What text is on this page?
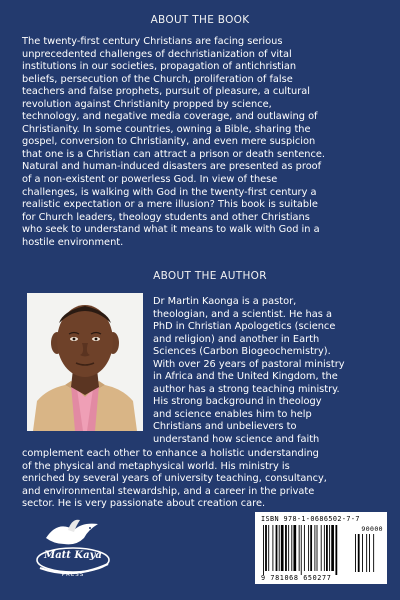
ABOUT THE BOOK

The twenty-first century Christians are facing serious
unprecedented challenges of dechristianization of vital
institutions in our societies, propagation of antichristian
beliefs, persecution of the Church, proliferation of false
teachers and false prophets, pursuit of pleasure, a cultural
revolution against Christianity propped by science,
technology, and negative media coverage, and outlawing of
Christianity. In some countries, owning a Bible, sharing the
gospel, conversion to Christianity, and even mere suspicion
that one is a Christian can attract a prison or death sentence.
Natural and human-induced disasters are presented as proof
of a non-existent or powerless God. In view of these
challenges, is walking with God in the twenty-first century a
realistic expectation or a mere illusion? This book is suitable
for Church leaders, theology students and other Christians
who seek to understand what it means to walk with God in a
hostile environment.

ABOUT THE AUTHOR

Dr Martin Kaonga is a pastor,
theologian, and a scientist. He has a
PhD in Christian Apologetics (science
and religion) and another in Earth
Sciences (Carbon Biogeochemistry).
With over 26 years of pastoral ministry
in Africa and the United Kingdom, the
author has a strong teaching ministry.
His strong background in theology
and science enables him to help
Christians and unbelievers to
understand how science and faith

complement each other to enhance a holistic understanding
of the physical and metaphysical world. His ministry is
enriched by several years of university teaching, consultancy,
and environmental stewardship, and a career in the private
sector. He is very passionate about creation care.

Matt Kaya
PRESS
ISBN 978-1-0686502-7-7
90000
9 781068 650277
